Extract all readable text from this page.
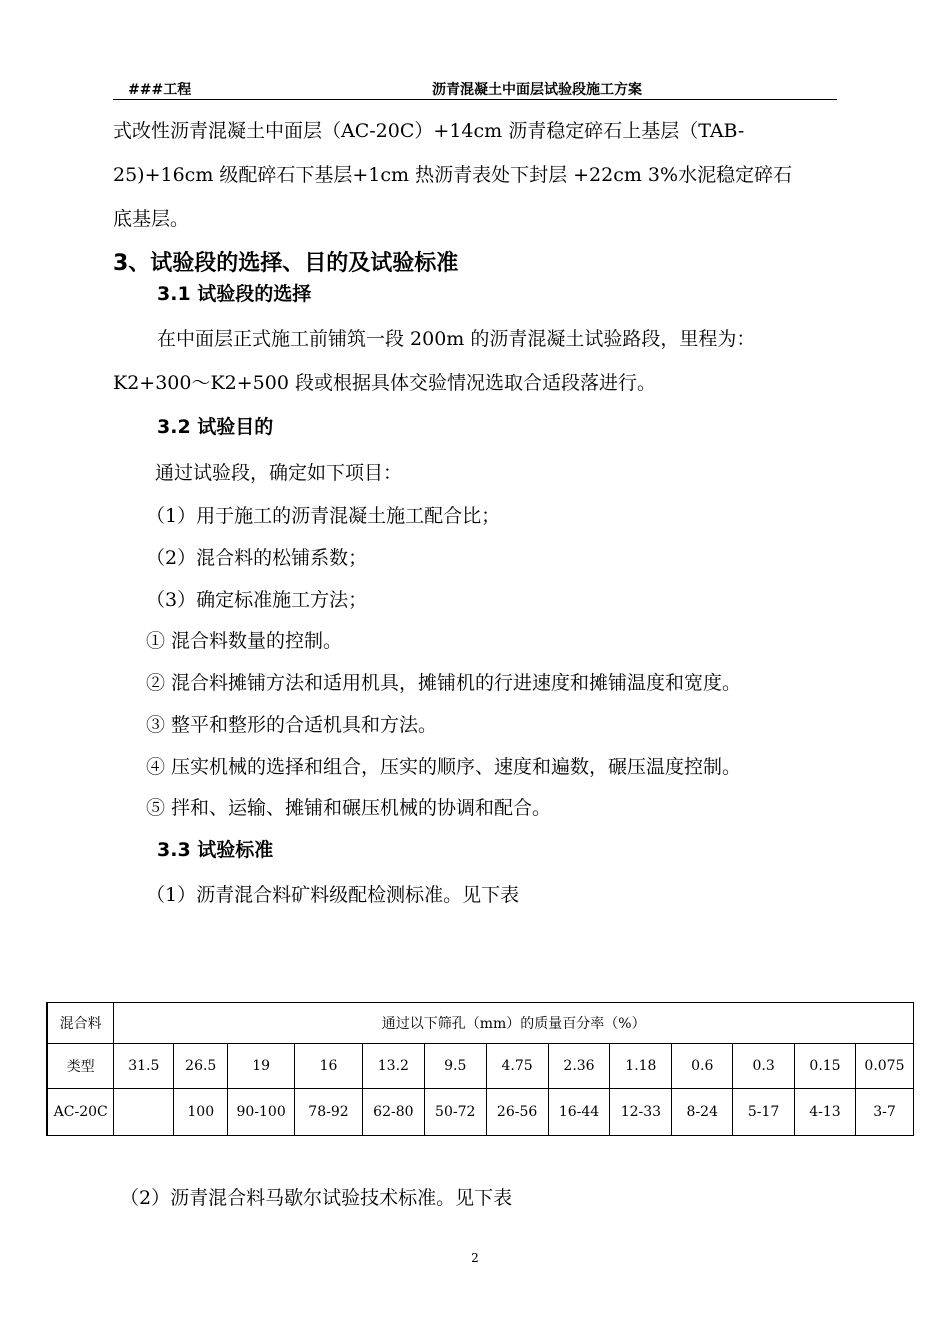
###工程	沥青混凝土中面层试验段施工方案
式改性沥青混凝土中面层（AC-20C）+14cm 沥青稳定碎石上基层（TAB-
25)+16cm 级配碎石下基层+1cm 热沥青表处下封层 +22cm 3%水泥稳定碎石
底基层。
3、试验段的选择、目的及试验标准
3.1 试验段的选择
在中面层正式施工前铺筑一段 200m 的沥青混凝土试验路段，里程为：
K2+300～K2+500 段或根据具体交验情况选取合适段落进行。
3.2 试验目的
通过试验段，确定如下项目：
（1）用于施工的沥青混凝土施工配合比；
（2）混合料的松铺系数；
（3）确定标准施工方法；
① 混合料数量的控制。
② 混合料摊铺方法和适用机具，摊铺机的行进速度和摊铺温度和宽度。
③ 整平和整形的合适机具和方法。
④ 压实机械的选择和组合，压实的顺序、速度和遍数，碾压温度控制。
⑤ 拌和、运输、摊铺和碾压机械的协调和配合。
3.3 试验标准
（1）沥青混合料矿料级配检测标准。见下表
混合料	通过以下筛孔（mm）的质量百分率（%）												
类型	31.5	26.5	19	16	13.2	9.5	4.75	2.36	1.18	0.6	0.3	0.15	0.075
AC-20C		100	90-100	78-92	62-80	50-72	26-56	16-44	12-33	8-24	5-17	4-13	3-7
（2）沥青混合料马歇尔试验技术标准。见下表
2
